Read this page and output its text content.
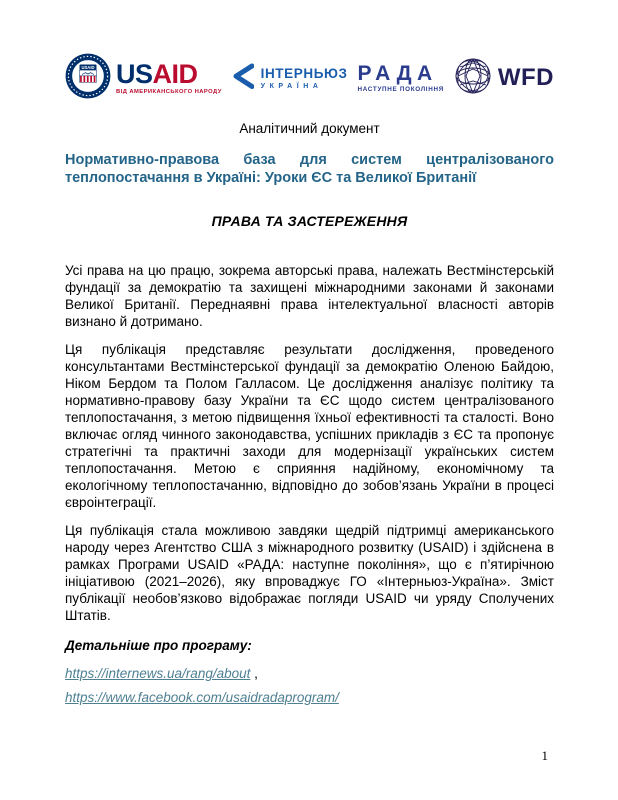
USAID USAID
ВІД АМЕРИКАНСЬКОГО НАРОДУ
ІНТЕРНЬЮЗ
УКРАЇНА
РАДА
НАСТУПНЕ ПОКОЛІННЯ WFD

Аналітичний документ

Нормативно-правова база для систем централізованого теплопостачання в Україні: Уроки ЄС та Великої Британії

ПРАВА ТА ЗАСТЕРЕЖЕННЯ

Усі права на цю працю, зокрема авторські права, належать Вестмінстерській фундації за демократію та захищені міжнародними законами й законами Великої Британії. Переднаявні права інтелектуальної власності авторів визнано й дотримано.

Ця публікація представляє результати дослідження, проведеного консультантами Вестмінстерської фундації за демократію Оленою Байдою, Ніком Бердом та Полом Галласом. Це дослідження аналізує політику та нормативно-правову базу України та ЄС щодо систем централізованого теплопостачання, з метою підвищення їхньої ефективності та сталості. Воно включає огляд чинного законодавства, успішних прикладів з ЄС та пропонує стратегічні та практичні заходи для модернізації українських систем теплопостачання. Метою є сприяння надійному, економічному та екологічному теплопостачанню, відповідно до зобов’язань України в процесі євроінтеграції.

Ця публікація стала можливою завдяки щедрій підтримці американського народу через Агентство США з міжнародного розвитку (USAID) і здійснена в рамках Програми USAID «РАДА: наступне покоління», що є п’ятирічною ініціативою (2021–2026), яку впроваджує ГО «Інтерньюз-Україна». Зміст публікації необов’язково відображає погляди USAID чи уряду Сполучених Штатів.

Детальніше про програму:

https://internews.ua/rang/about ,

https://www.facebook.com/usaidradaprogram/

1
